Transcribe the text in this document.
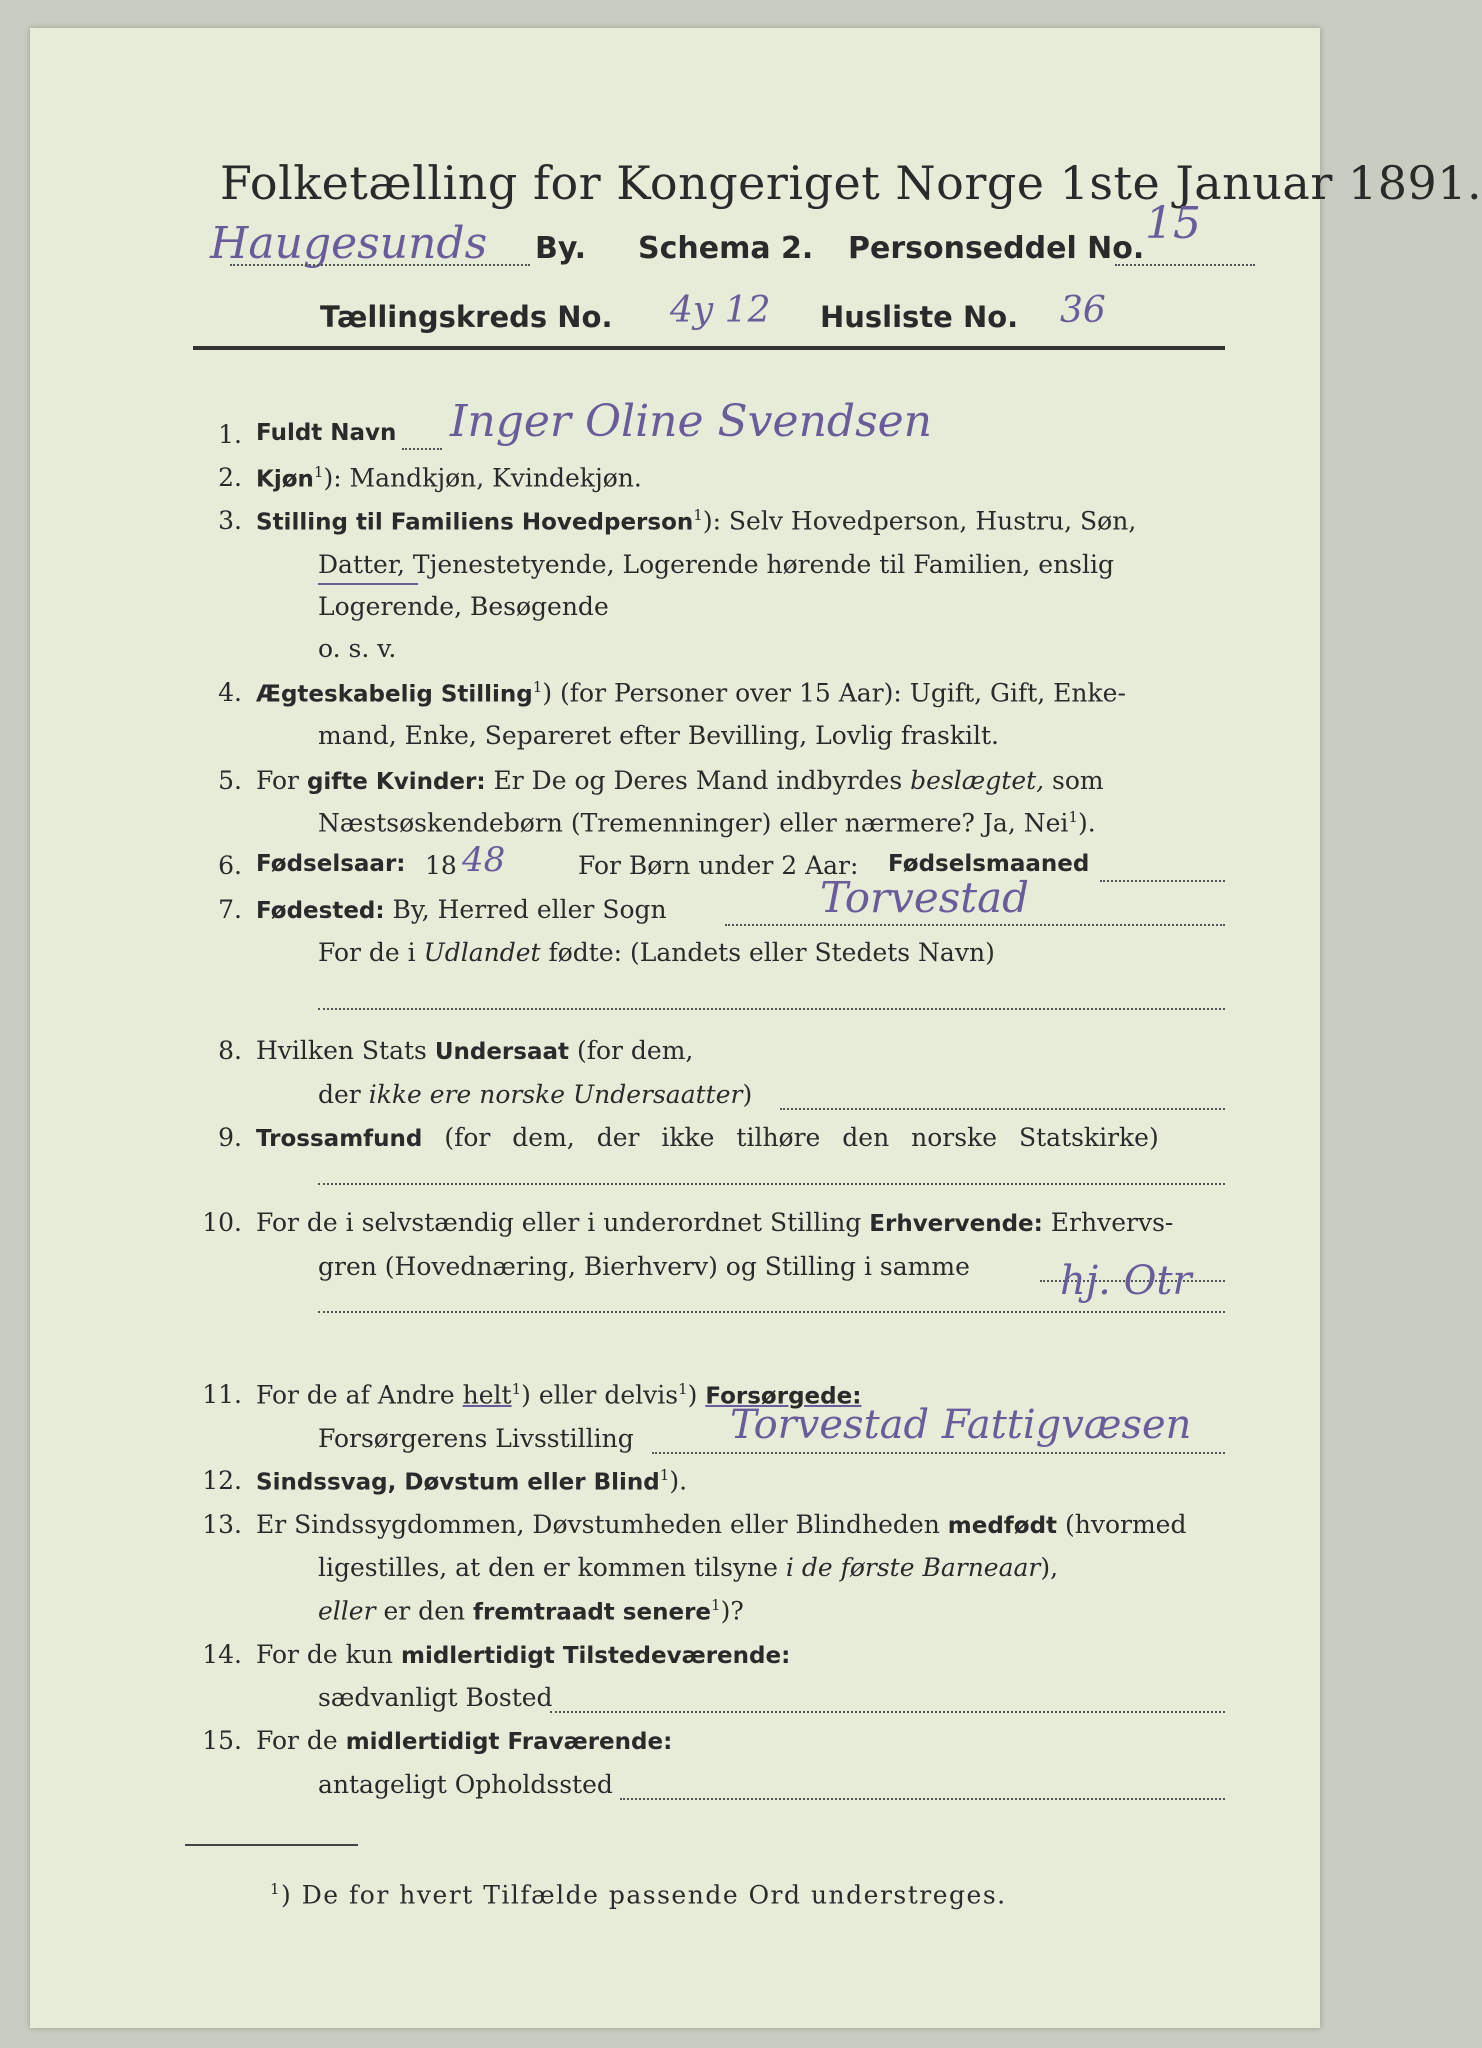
Folketælling for Kongeriget Norge 1ste Januar 1891.
Haugesunds By. Schema 2. Personseddel No. 15
Tællingskreds No. 4y 12 Husliste No. 36
1. Fuldt Navn Inger Oline Svendsen
2. Kjøn$^1$): Mandkjøn, Kvindekjøn.
3. Stilling til Familiens Hovedperson$^1$): Selv Hovedperson, Hustru, Søn,
Datter, Tjenestetyende, Logerende hørende til Familien, enslig
Logerende, Besøgende
o. s. v.
4. Ægteskabelig Stilling$^1$) (for Personer over 15 Aar): Ugift, Gift, Enke-
mand, Enke, Separeret efter Bevilling, Lovlig fraskilt.
5. For gifte Kvinder: Er De og Deres Mand indbyrdes beslægtet, som
Næstsøskendebørn (Tremenninger) eller nærmere? Ja, Nei$^1$).
6. Fødselsaar: 18 48	For Børn under 2 Aar: Fødselsmaaned
7. Fødested: By, Herred eller Sogn	Torvestad
For de i Udlandet fødte: (Landets eller Stedets Navn)
8. Hvilken Stats Undersaat (for dem,
der ikke ere norske Undersaatter)
9. Trossamfund (for dem, der ikke tilhøre den norske Statskirke)
10. For de i selvstændig eller i underordnet Stilling Erhvervende: Erhvervs-
gren (Hovednæring, Bierhverv) og Stilling i samme hj. Otr
11. For de af Andre helt$^1$) eller delvis$^1$) Forsørgede:
Forsørgerens Livsstilling Torvestad Fattigvæsen
12. Sindssvag, Døvstum eller Blind$^1$).
13. Er Sindssygdommen, Døvstumheden eller Blindheden medfødt (hvormed
ligestilles, at den er kommen tilsyne i de første Barneaar),
eller er den fremtraadt senere$^1$)?
14. For de kun midlertidigt Tilstedeværende:
sædvanligt Bosted
15. For de midlertidigt Fraværende:
antageligt Opholdssted
$^1$) De for hvert Tilfælde passende Ord understreges.
